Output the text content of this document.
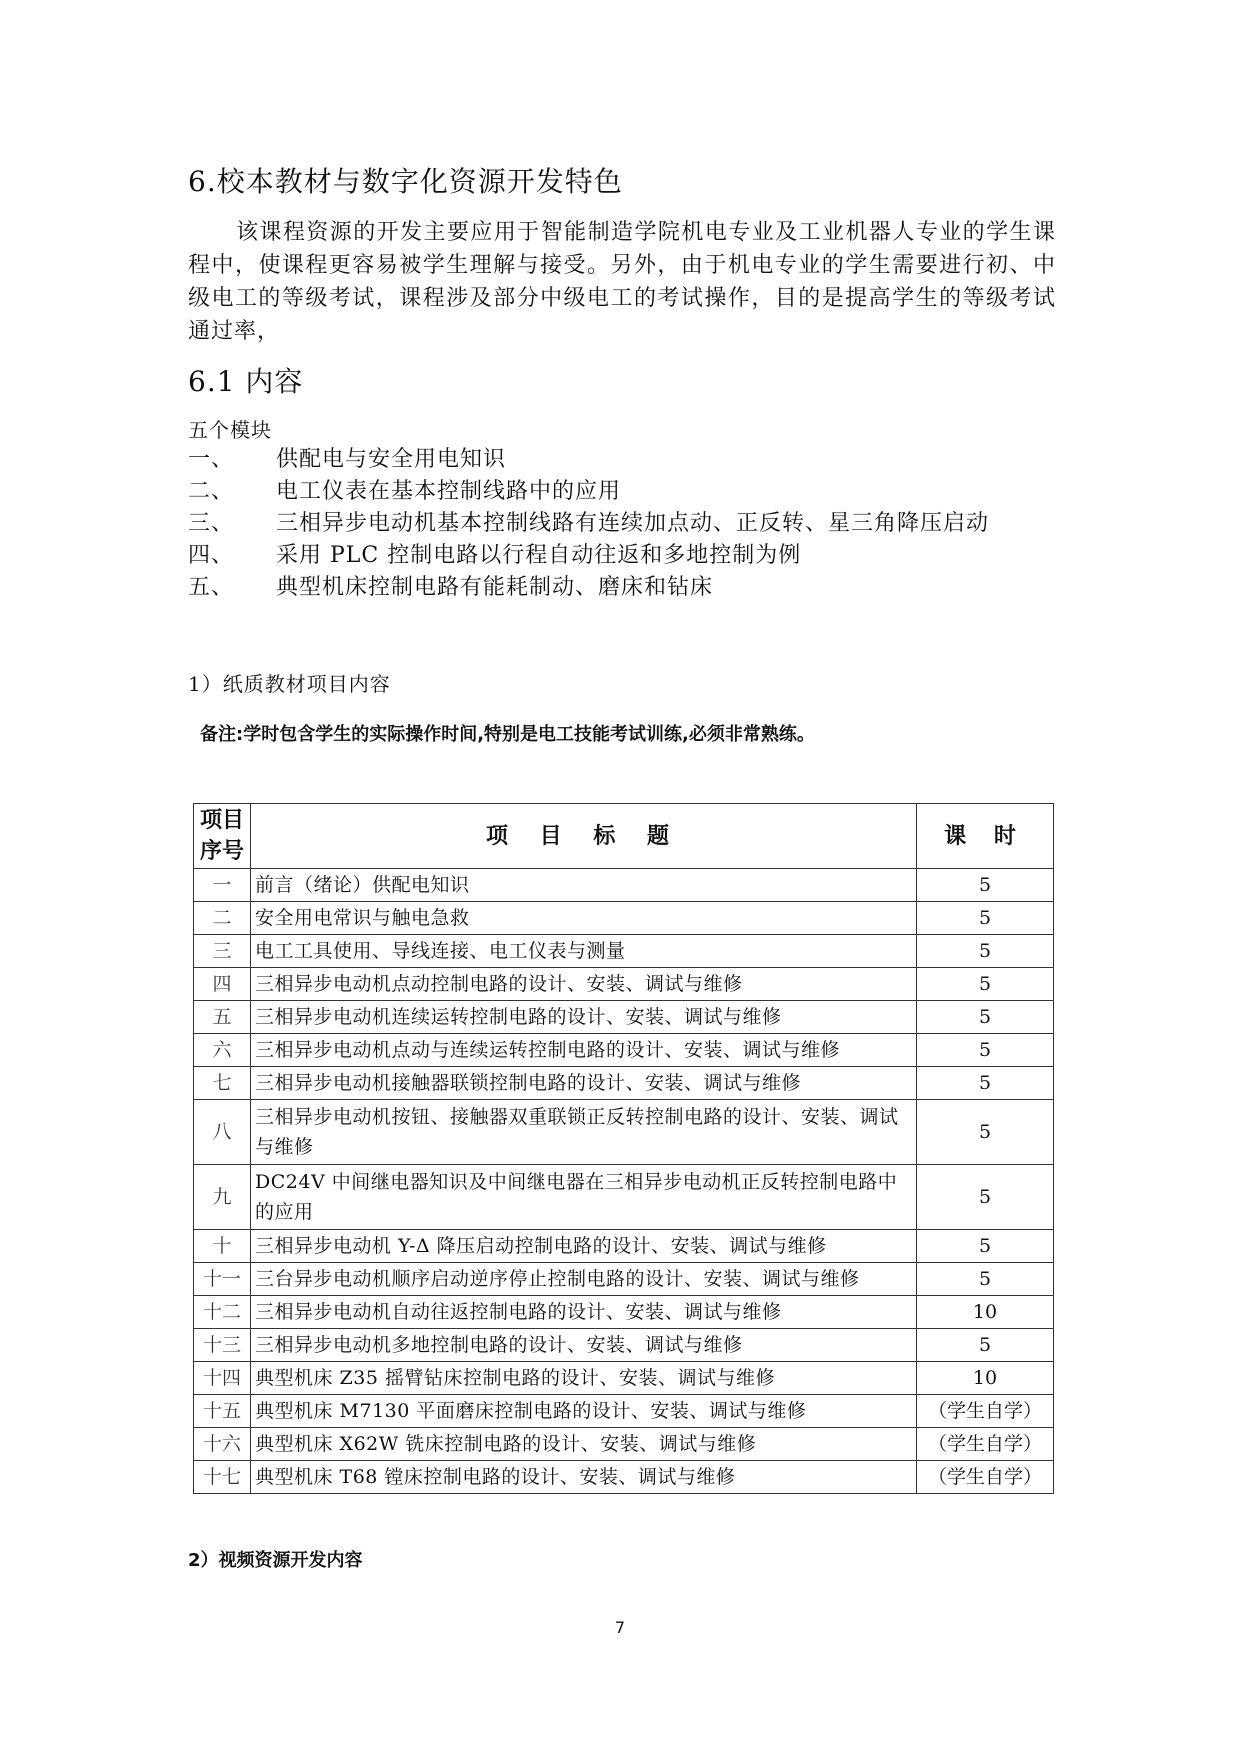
6.校本教材与数字化资源开发特色

该课程资源的开发主要应用于智能制造学院机电专业及工业机器人专业的学生课程中，使课程更容易被学生理解与接受。另外，由于机电专业的学生需要进行初、中级电工的等级考试，课程涉及部分中级电工的考试操作，目的是提高学生的等级考试通过率，

6.1 内容
五个模块
一、	供配电与安全用电知识
二、	电工仪表在基本控制线路中的应用
三、	三相异步电动机基本控制线路有连续加点动、正反转、星三角降压启动
四、	采用 PLC 控制电路以行程自动往返和多地控制为例
五、	典型机床控制电路有能耗制动、磨床和钻床
1）纸质教材项目内容
备注:学时包含学生的实际操作时间,特别是电工技能考试训练,必须非常熟练。
项目序号	项 目 标 题	课 时
一	前言（绪论）供配电知识	5
二	安全用电常识与触电急救	5
三	电工工具使用、导线连接、电工仪表与测量	5
四	三相异步电动机点动控制电路的设计、安装、调试与维修	5
五	三相异步电动机连续运转控制电路的设计、安装、调试与维修	5
六	三相异步电动机点动与连续运转控制电路的设计、安装、调试与维修	5
七	三相异步电动机接触器联锁控制电路的设计、安装、调试与维修	5
八	三相异步电动机按钮、接触器双重联锁正反转控制电路的设计、安装、调试与维修	5
九	DC24V 中间继电器知识及中间继电器在三相异步电动机正反转控制电路中的应用	5
十	三相异步电动机 Y-Δ 降压启动控制电路的设计、安装、调试与维修	5
十一	三台异步电动机顺序启动逆序停止控制电路的设计、安装、调试与维修	5
十二	三相异步电动机自动往返控制电路的设计、安装、调试与维修	10
十三	三相异步电动机多地控制电路的设计、安装、调试与维修	5
十四	典型机床 Z35 摇臂钻床控制电路的设计、安装、调试与维修	10
十五	典型机床 M7130 平面磨床控制电路的设计、安装、调试与维修	（学生自学）
十六	典型机床 X62W 铣床控制电路的设计、安装、调试与维修	（学生自学）
十七	典型机床 T68 镗床控制电路的设计、安装、调试与维修	（学生自学）
2）视频资源开发内容
7
